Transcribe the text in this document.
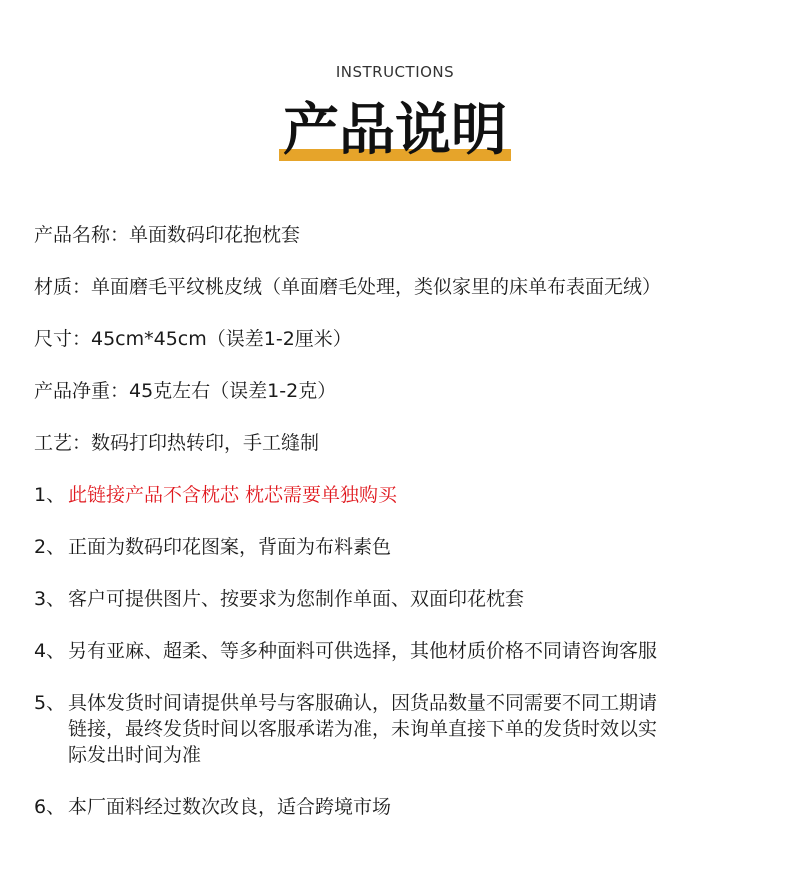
INSTRUCTIONS
产品说明
产品名称：单面数码印花抱枕套
材质：单面磨毛平纹桃皮绒（单面磨毛处理，类似家里的床单布表面无绒）
尺寸：45cm*45cm（误差1-2厘米）
产品净重：45克左右（误差1-2克）
工艺：数码打印热转印，手工缝制
1、 此链接产品不含枕芯 枕芯需要单独购买
2、 正面为数码印花图案，背面为布料素色
3、 客户可提供图片、按要求为您制作单面、双面印花枕套
4、 另有亚麻、超柔、等多种面料可供选择，其他材质价格不同请咨询客服
5、 具体发货时间请提供单号与客服确认，因货品数量不同需要不同工期请
链接，最终发货时间以客服承诺为准，未询单直接下单的发货时效以实
际发出时间为准
6、 本厂面料经过数次改良，适合跨境市场
